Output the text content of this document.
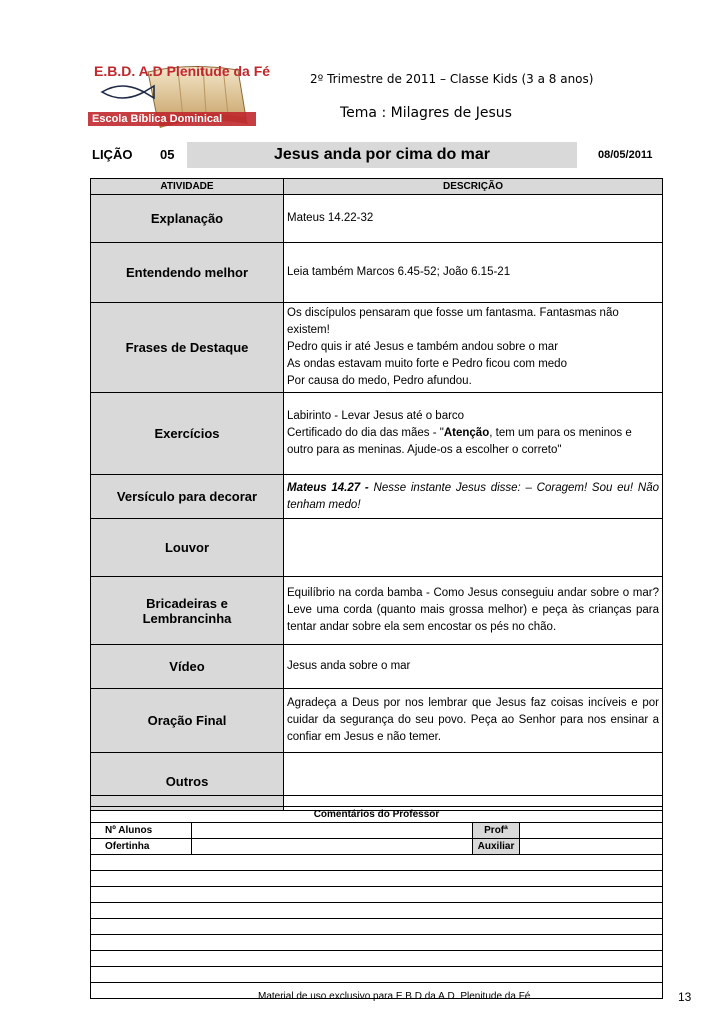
E.B.D. A.D Plenitude da Fé
Escola Bíblica Dominical
2º Trimestre de 2011 – Classe Kids (3 a 8 anos)
Tema : Milagres de Jesus
LIÇÃO 05	Jesus anda por cima do mar	08/05/2011
ATIVIDADE	DESCRIÇÃO
Explanação	Mateus 14.22-32
Entendendo melhor	Leia também Marcos 6.45-52; João 6.15-21
Frases de Destaque	Os discípulos pensaram que fosse um fantasma. Fantasmas não existem!
Pedro quis ir até Jesus e também andou sobre o mar
As ondas estavam muito forte e Pedro ficou com medo
Por causa do medo, Pedro afundou.

Exercícios	Labirinto - Levar Jesus até o barco
Certificado do dia das mães - "Atenção, tem um para os meninos e outro para as meninas. Ajude-os a escolher o correto"

Versículo para decorar	Mateus 14.27 - Nesse instante Jesus disse: – Coragem! Sou eu! Não tenham medo!
Louvor	
Bricadeiras e Lembrancinha	Equilíbrio na corda bamba - Como Jesus conseguiu andar sobre o mar? Leve uma corda (quanto mais grossa melhor) e peça às crianças para tentar andar sobre ela sem encostar os pés no chão.
Vídeo	Jesus anda sobre o mar
Oração Final	Agradeça a Deus por nos lembrar que Jesus faz coisas incíveis e por cuidar da segurança do seu povo. Peça ao Senhor para nos ensinar a confiar em Jesus e não temer.
Outros	

Comentários do Professor			
Nº Alunos		Profª	
Ofertinha		Auxiliar	

Material de uso exclusivo para E.B.D da A.D. Plenitude da Fé	13
